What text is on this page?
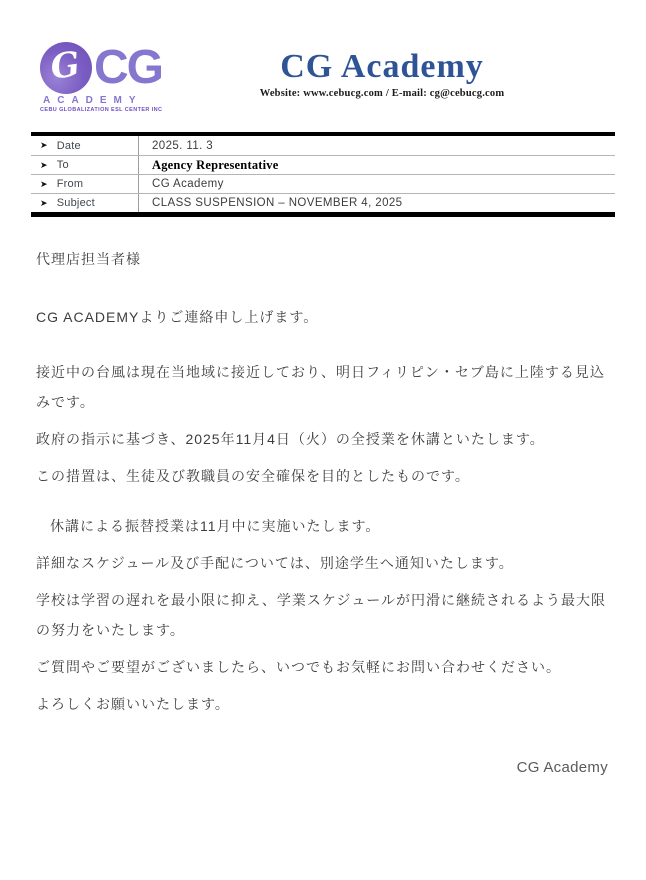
G CG
ACADEMY
CEBU GLOBALIZATION ESL CENTER INC
CG Academy
Website: www.cebucg.com / E-mail: cg@cebucg.com
➤ Date	2025. 11. 3
➤ To	Agency Representative
➤ From	CG Academy
➤ Subject	CLASS SUSPENSION – NOVEMBER 4, 2025

代理店担当者様

CG ACADEMYよりご連絡申し上げます。

接近中の台風は現在当地域に接近しており、明日フィリピン・セブ島に上陸する見込みです。

政府の指示に基づき、2025年11月4日（火）の全授業を休講といたします。

この措置は、生徒及び教職員の安全確保を目的としたものです。

休講による振替授業は11月中に実施いたします。

詳細なスケジュール及び手配については、別途学生へ通知いたします。

学校は学習の遅れを最小限に抑え、学業スケジュールが円滑に継続されるよう最大限の努力をいたします。

ご質問やご要望がございましたら、いつでもお気軽にお問い合わせください。

よろしくお願いいたします。

CG Academy
